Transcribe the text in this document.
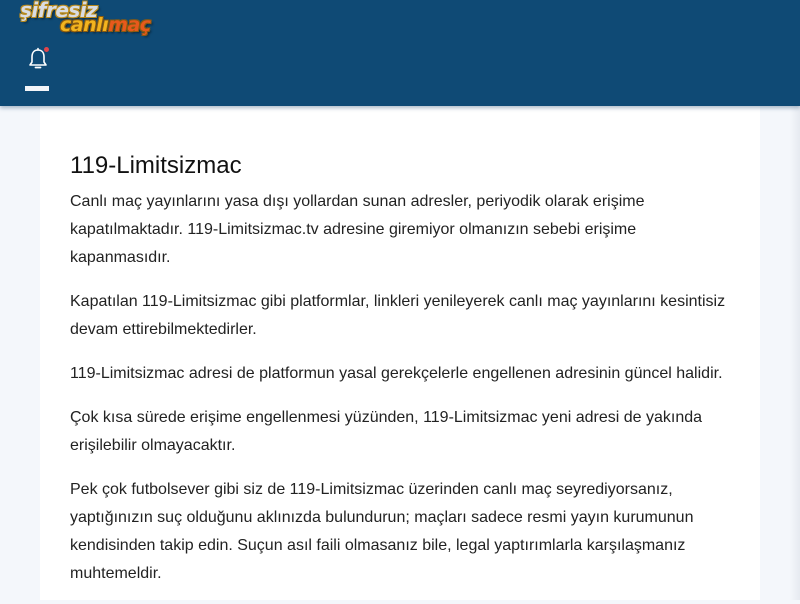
şifresiz
canlımaç
119-Limitsizmac

Canlı maç yayınlarını yasa dışı yollardan sunan adresler, periyodik olarak erişime kapatılmaktadır. 119-Limitsizmac.tv adresine giremiyor olmanızın sebebi erişime kapanmasıdır.

Kapatılan 119-Limitsizmac gibi platformlar, linkleri yenileyerek canlı maç yayınlarını kesintisiz devam ettirebilmektedirler.

119-Limitsizmac adresi de platformun yasal gerekçelerle engellenen adresinin güncel halidir.

Çok kısa sürede erişime engellenmesi yüzünden, 119-Limitsizmac yeni adresi de yakında erişilebilir olmayacaktır.

Pek çok futbolsever gibi siz de 119-Limitsizmac üzerinden canlı maç seyrediyorsanız, yaptığınızın suç olduğunu aklınızda bulundurun; maçları sadece resmi yayın kurumunun kendisinden takip edin. Suçun asıl faili olmasanız bile, legal yaptırımlarla karşılaşmanız muhtemeldir.
